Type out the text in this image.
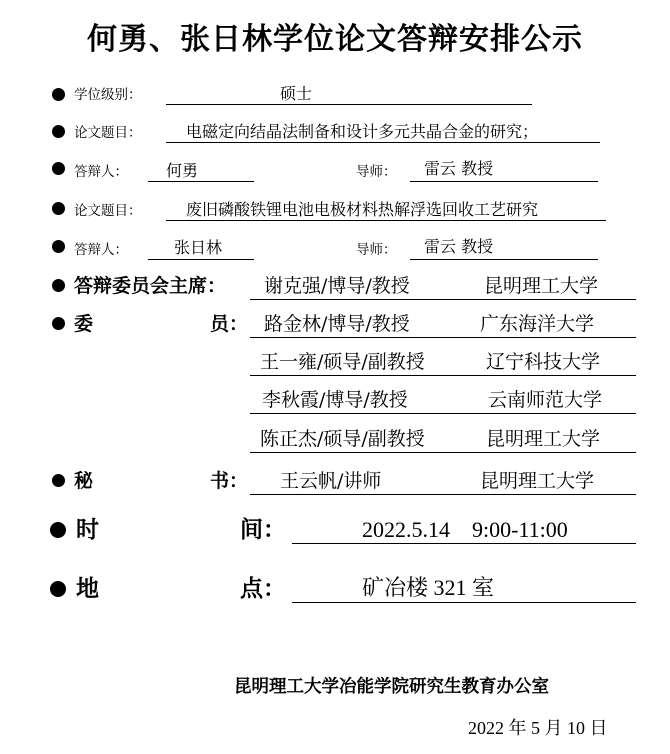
何勇、张日林学位论文答辩安排公示
学位级别：	硕士
论文题目：	电磁定向结晶法制备和设计多元共晶合金的研究；
答辩人： 何勇	导师： 雷云 教授
论文题目：	废旧磷酸铁锂电池电极材料热解浮选回收工艺研究
答辩人：	张日林	导师： 雷云 教授
答辩委员会主席： 谢克强/博导/教授	昆明理工大学
委	员： 路金林/博导/教授	广东海洋大学
王一雍/硕导/副教授	辽宁科技大学
李秋霞/博导/教授	云南师范大学
陈正杰/硕导/副教授	昆明理工大学
秘	书： 王云帆/讲师	昆明理工大学
时	间：	2022.5.14    9:00-11:00
地	点：	矿冶楼 321 室
昆明理工大学冶能学院研究生教育办公室
2022 年 5 月 10 日
